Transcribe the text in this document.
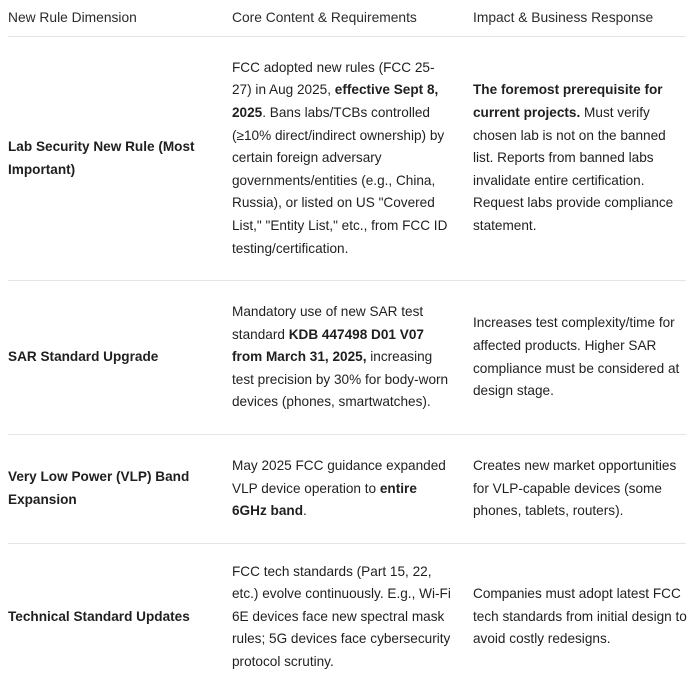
New Rule Dimension	Core Content & Requirements	Impact & Business Response
Lab Security New Rule (Most Important)
FCC adopted new rules (FCC 25-27) in Aug 2025, effective Sept 8, 2025. Bans labs/TCBs controlled (≥10% direct/indirect ownership) by certain foreign adversary governments/entities (e.g., China, Russia), or listed on US "Covered List," "Entity List," etc., from FCC ID testing/certification.
The foremost prerequisite for current projects. Must verify chosen lab is not on the banned list. Reports from banned labs invalidate entire certification. Request labs provide compliance statement.
SAR Standard Upgrade
Mandatory use of new SAR test standard KDB 447498 D01 V07 from March 31, 2025, increasing test precision by 30% for body-worn devices (phones, smartwatches).
Increases test complexity/time for affected products. Higher SAR compliance must be considered at design stage.
Very Low Power (VLP) Band Expansion
May 2025 FCC guidance expanded VLP device operation to entire 6GHz band.
Creates new market opportunities for VLP-capable devices (some phones, tablets, routers).
Technical Standard Updates
FCC tech standards (Part 15, 22, etc.) evolve continuously. E.g., Wi-Fi 6E devices face new spectral mask rules; 5G devices face cybersecurity protocol scrutiny.
Companies must adopt latest FCC tech standards from initial design to avoid costly redesigns.
